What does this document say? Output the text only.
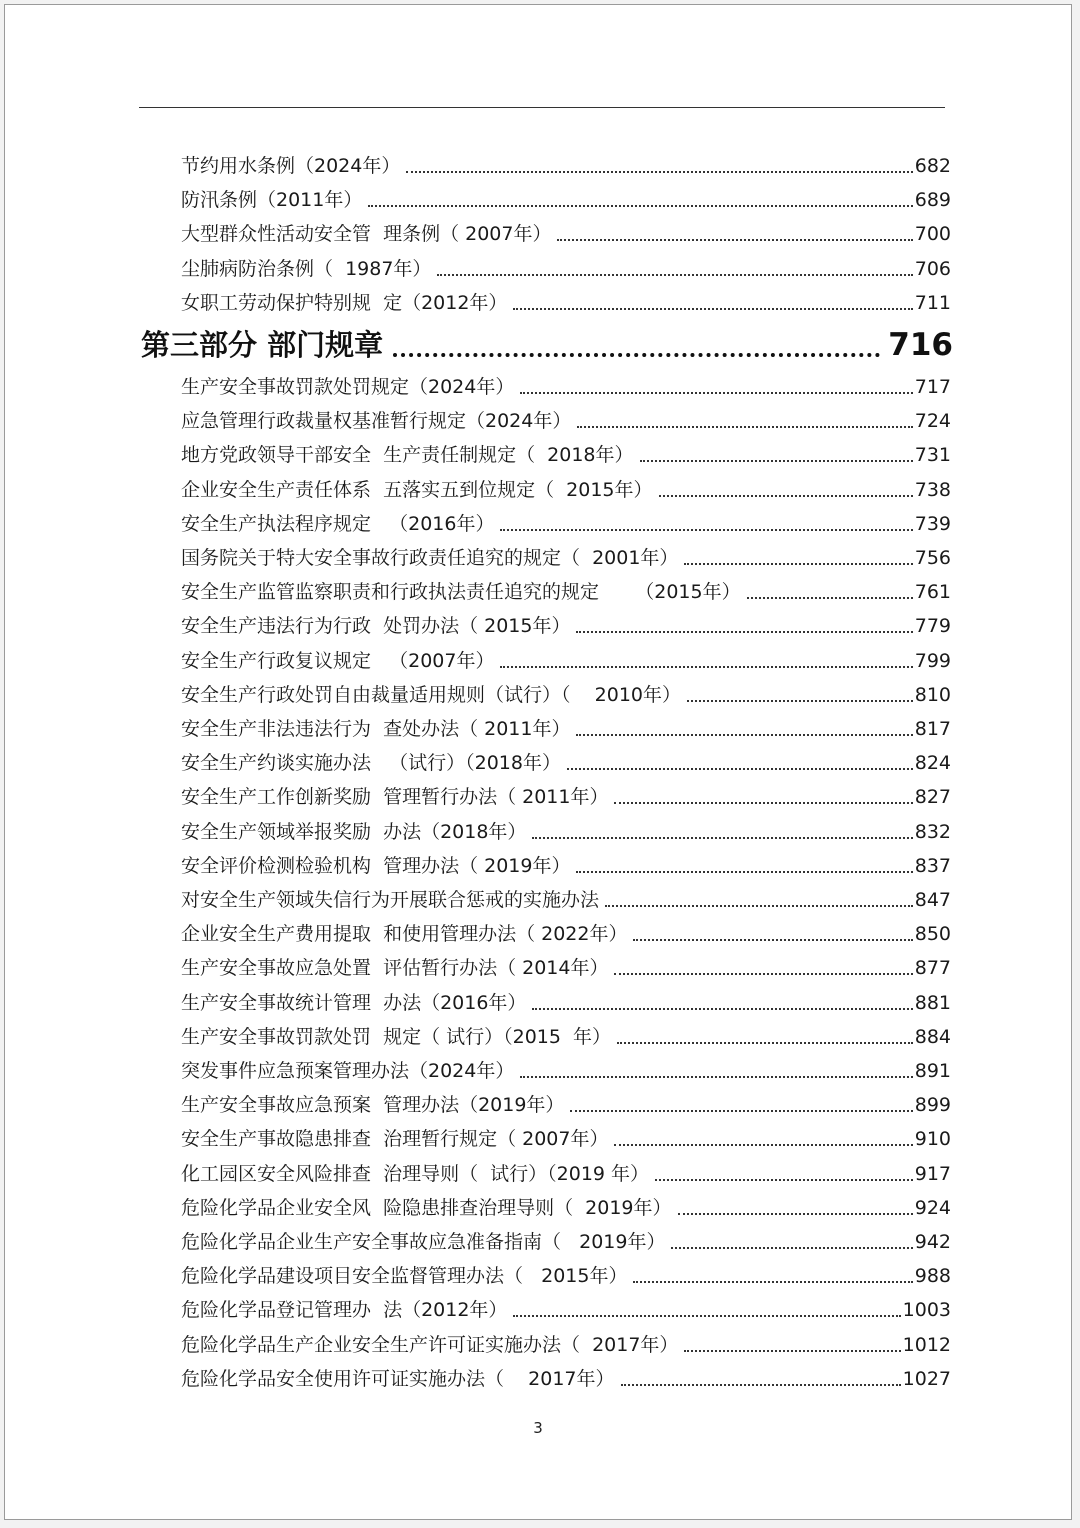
节约用水条例（2024年）	682
防汛条例（2011年）	689
大型群众性活动安全管  理条例（ 2007年）	700
尘肺病防治条例（  1987年）	706
女职工劳动保护特别规  定（2012年）	711
第三部分 部门规章	716
生产安全事故罚款处罚规定（2024年）	717
应急管理行政裁量权基准暂行规定（2024年）	724
地方党政领导干部安全  生产责任制规定（  2018年）	731
企业安全生产责任体系  五落实五到位规定（  2015年）	738
安全生产执法程序规定   （2016年）	739
国务院关于特大安全事故行政责任追究的规定（  2001年）	756
安全生产监管监察职责和行政执法责任追究的规定      （2015年）	761
安全生产违法行为行政  处罚办法（ 2015年）	779
安全生产行政复议规定   （2007年）	799
安全生产行政处罚自由裁量适用规则（试行）（    2010年）	810
安全生产非法违法行为  查处办法（ 2011年）	817
安全生产约谈实施办法   （试行）（2018年）	824
安全生产工作创新奖励  管理暂行办法（ 2011年）	827
安全生产领域举报奖励  办法（2018年）	832
安全评价检测检验机构  管理办法（ 2019年）	837
对安全生产领域失信行为开展联合惩戒的实施办法	847
企业安全生产费用提取  和使用管理办法（ 2022年）	850
生产安全事故应急处置  评估暂行办法（ 2014年）	877
生产安全事故统计管理  办法（2016年）	881
生产安全事故罚款处罚  规定（ 试行）（2015  年）	884
突发事件应急预案管理办法（2024年）	891
生产安全事故应急预案  管理办法（2019年）	899
安全生产事故隐患排查  治理暂行规定（ 2007年）	910
化工园区安全风险排查  治理导则（  试行）（2019 年）	917
危险化学品企业安全风  险隐患排查治理导则（  2019年）	924
危险化学品企业生产安全事故应急准备指南（   2019年）	942
危险化学品建设项目安全监督管理办法（   2015年）	988
危险化学品登记管理办  法（2012年）	1003
危险化学品生产企业安全生产许可证实施办法（  2017年）	1012
危险化学品安全使用许可证实施办法（    2017年）	1027
3
